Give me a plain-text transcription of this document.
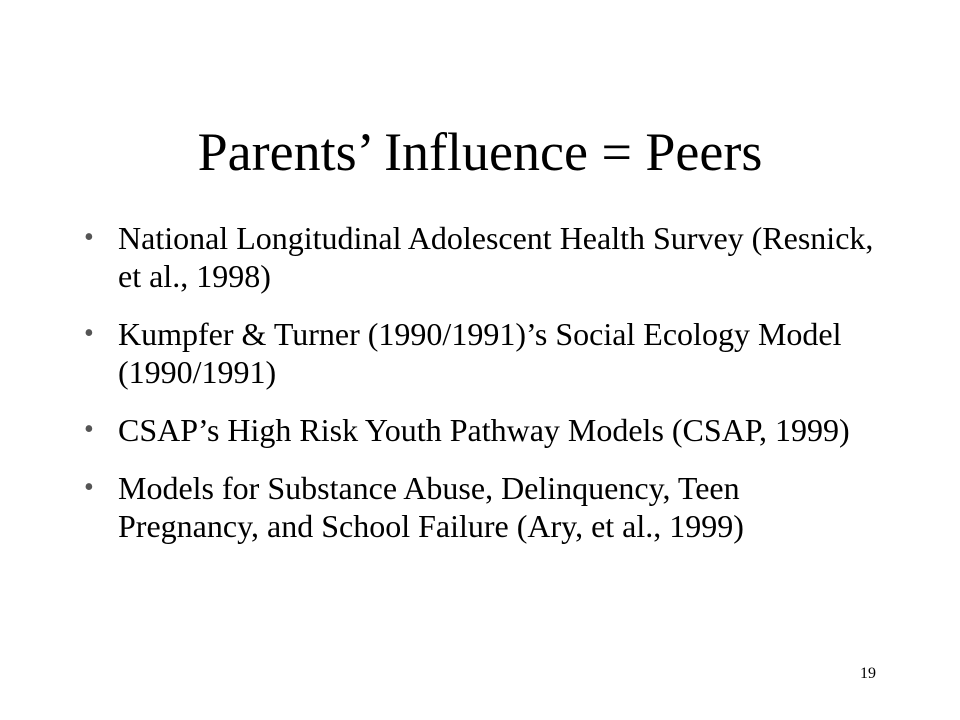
Parents’ Influence = Peers
• National Longitudinal Adolescent Health Survey (Resnick, et al., 1998)
• Kumpfer & Turner (1990/1991)’s Social Ecology Model (1990/1991)
• CSAP’s High Risk Youth Pathway Models (CSAP, 1999)
• Models for Substance Abuse, Delinquency, Teen Pregnancy, and School Failure (Ary, et al., 1999)
19
